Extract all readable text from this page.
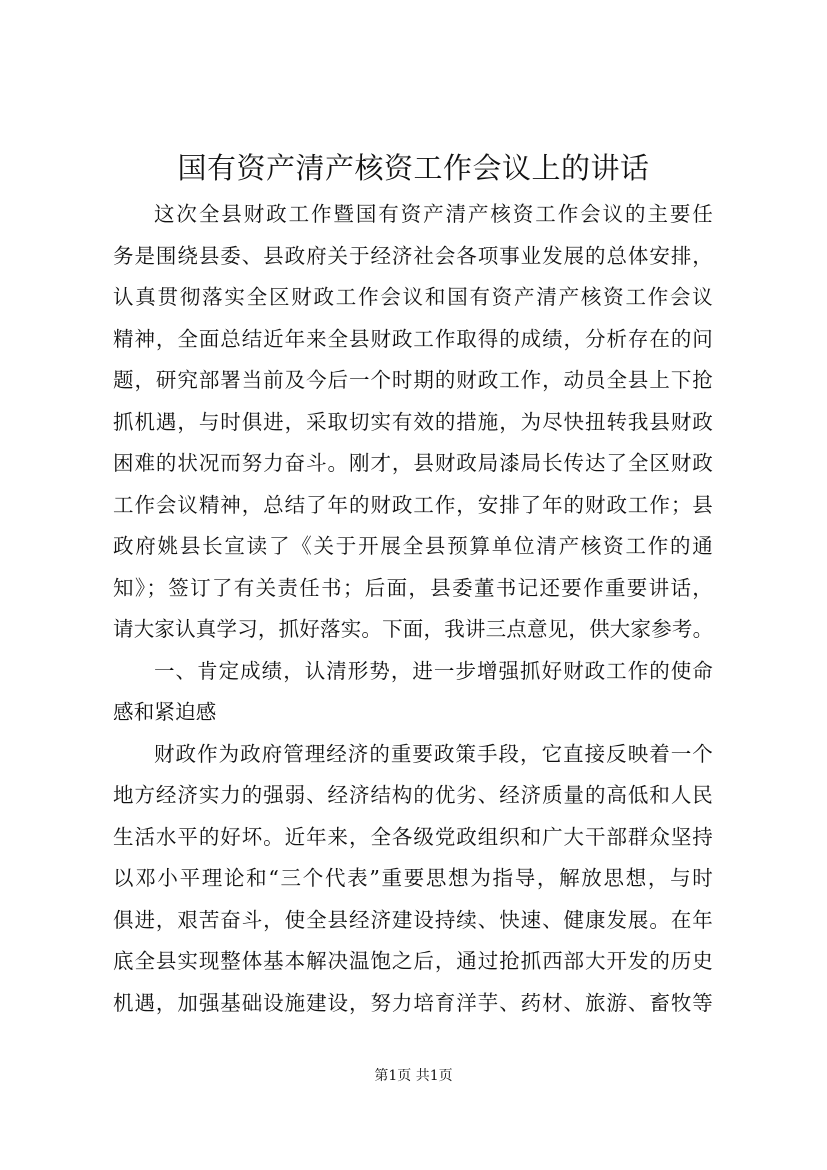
国有资产清产核资工作会议上的讲话
这次全县财政工作暨国有资产清产核资工作会议的主要任
务是围绕县委、县政府关于经济社会各项事业发展的总体安排，
认真贯彻落实全区财政工作会议和国有资产清产核资工作会议
精神，全面总结近年来全县财政工作取得的成绩，分析存在的问
题，研究部署当前及今后一个时期的财政工作，动员全县上下抢
抓机遇，与时俱进，采取切实有效的措施，为尽快扭转我县财政
困难的状况而努力奋斗。刚才，县财政局漆局长传达了全区财政
工作会议精神，总结了年的财政工作，安排了年的财政工作；县
政府姚县长宣读了《关于开展全县预算单位清产核资工作的通
知》；签订了有关责任书；后面，县委董书记还要作重要讲话，
请大家认真学习，抓好落实。下面，我讲三点意见，供大家参考。
一、肯定成绩，认清形势，进一步增强抓好财政工作的使命
感和紧迫感
财政作为政府管理经济的重要政策手段，它直接反映着一个
地方经济实力的强弱、经济结构的优劣、经济质量的高低和人民
生活水平的好坏。近年来，全各级党政组织和广大干部群众坚持
以邓小平理论和“三个代表”重要思想为指导，解放思想，与时
俱进，艰苦奋斗，使全县经济建设持续、快速、健康发展。在年
底全县实现整体基本解决温饱之后，通过抢抓西部大开发的历史
机遇，加强基础设施建设，努力培育洋芋、药材、旅游、畜牧等
第1页 共1页
